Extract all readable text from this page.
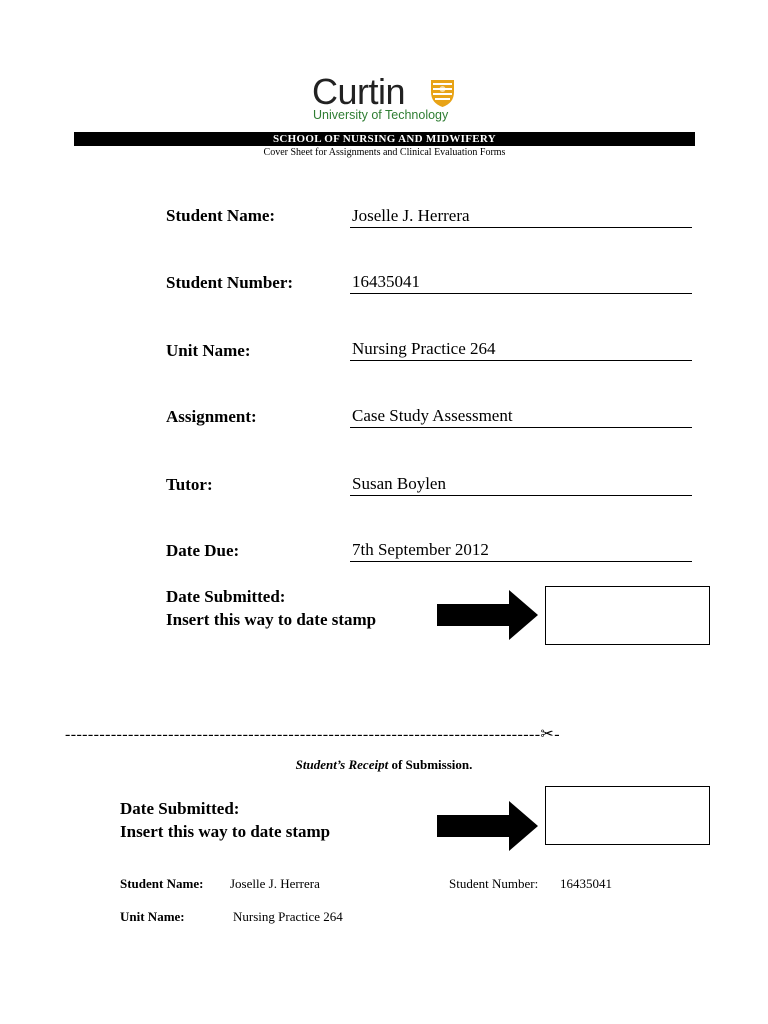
Curtin
University of Technology
SCHOOL OF NURSING AND MIDWIFERY
Cover Sheet for Assignments and Clinical Evaluation Forms
Student Name:	Joselle J. Herrera
Student Number:	16435041
Unit Name:	Nursing Practice 264
Assignment:	Case Study Assessment
Tutor:	Susan Boylen
Date Due:	7th September 2012
Date Submitted:
Insert this way to date stamp
-----------------------------------------------------------------------------------✂-
Student’s Receipt of Submission.
Date Submitted:
Insert this way to date stamp
Student Name: Joselle J. Herrera	Student Number: 16435041
Unit Name:	Nursing Practice 264
